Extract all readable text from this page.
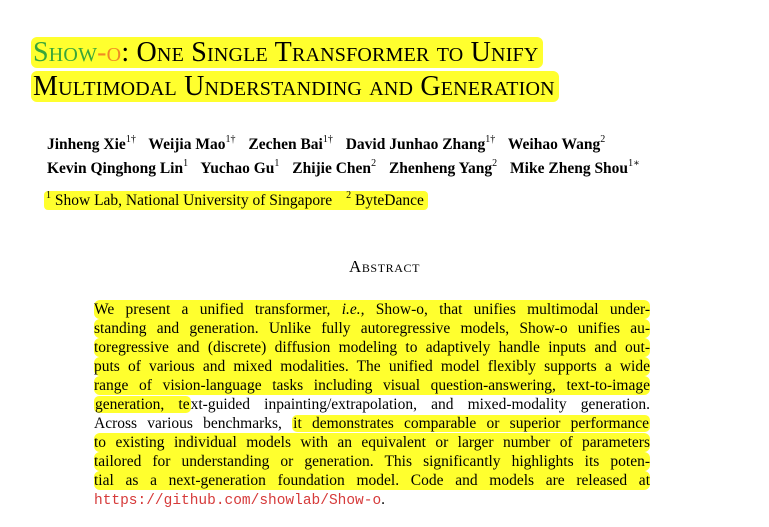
Show-o: One Single Transformer to Unify
Multimodal Understanding and Generation
Jinheng Xie$^{1\dagger}$ Weijia Mao$^{1\dagger}$ Zechen Bai$^{1\dagger}$ David Junhao Zhang$^{1\dagger}$ Weihao Wang$^2$
Kevin Qinghong Lin$^1$ Yuchao Gu$^1$ Zhijie Chen$^2$ Zhenheng Yang$^2$ Mike Zheng Shou$^{1∗}$
$^1$ Show Lab, National University of Singapore $^2$ ByteDance
Abstract
We present a unified transformer, i.e., Show-o, that unifies multimodal under-
standing and generation. Unlike fully autoregressive models, Show-o unifies au-
toregressive and (discrete) diffusion modeling to adaptively handle inputs and out-
puts of various and mixed modalities. The unified model flexibly supports a wide
range of vision-language tasks including visual question-answering, text-to-image
generation, text-guided inpainting/extrapolation, and mixed-modality generation.
Across various benchmarks, it demonstrates comparable or superior performance
to existing individual models with an equivalent or larger number of parameters
tailored for understanding or generation. This significantly highlights its poten-
tial as a next-generation foundation model. Code and models are released at
https://github.com/showlab/Show-o.
